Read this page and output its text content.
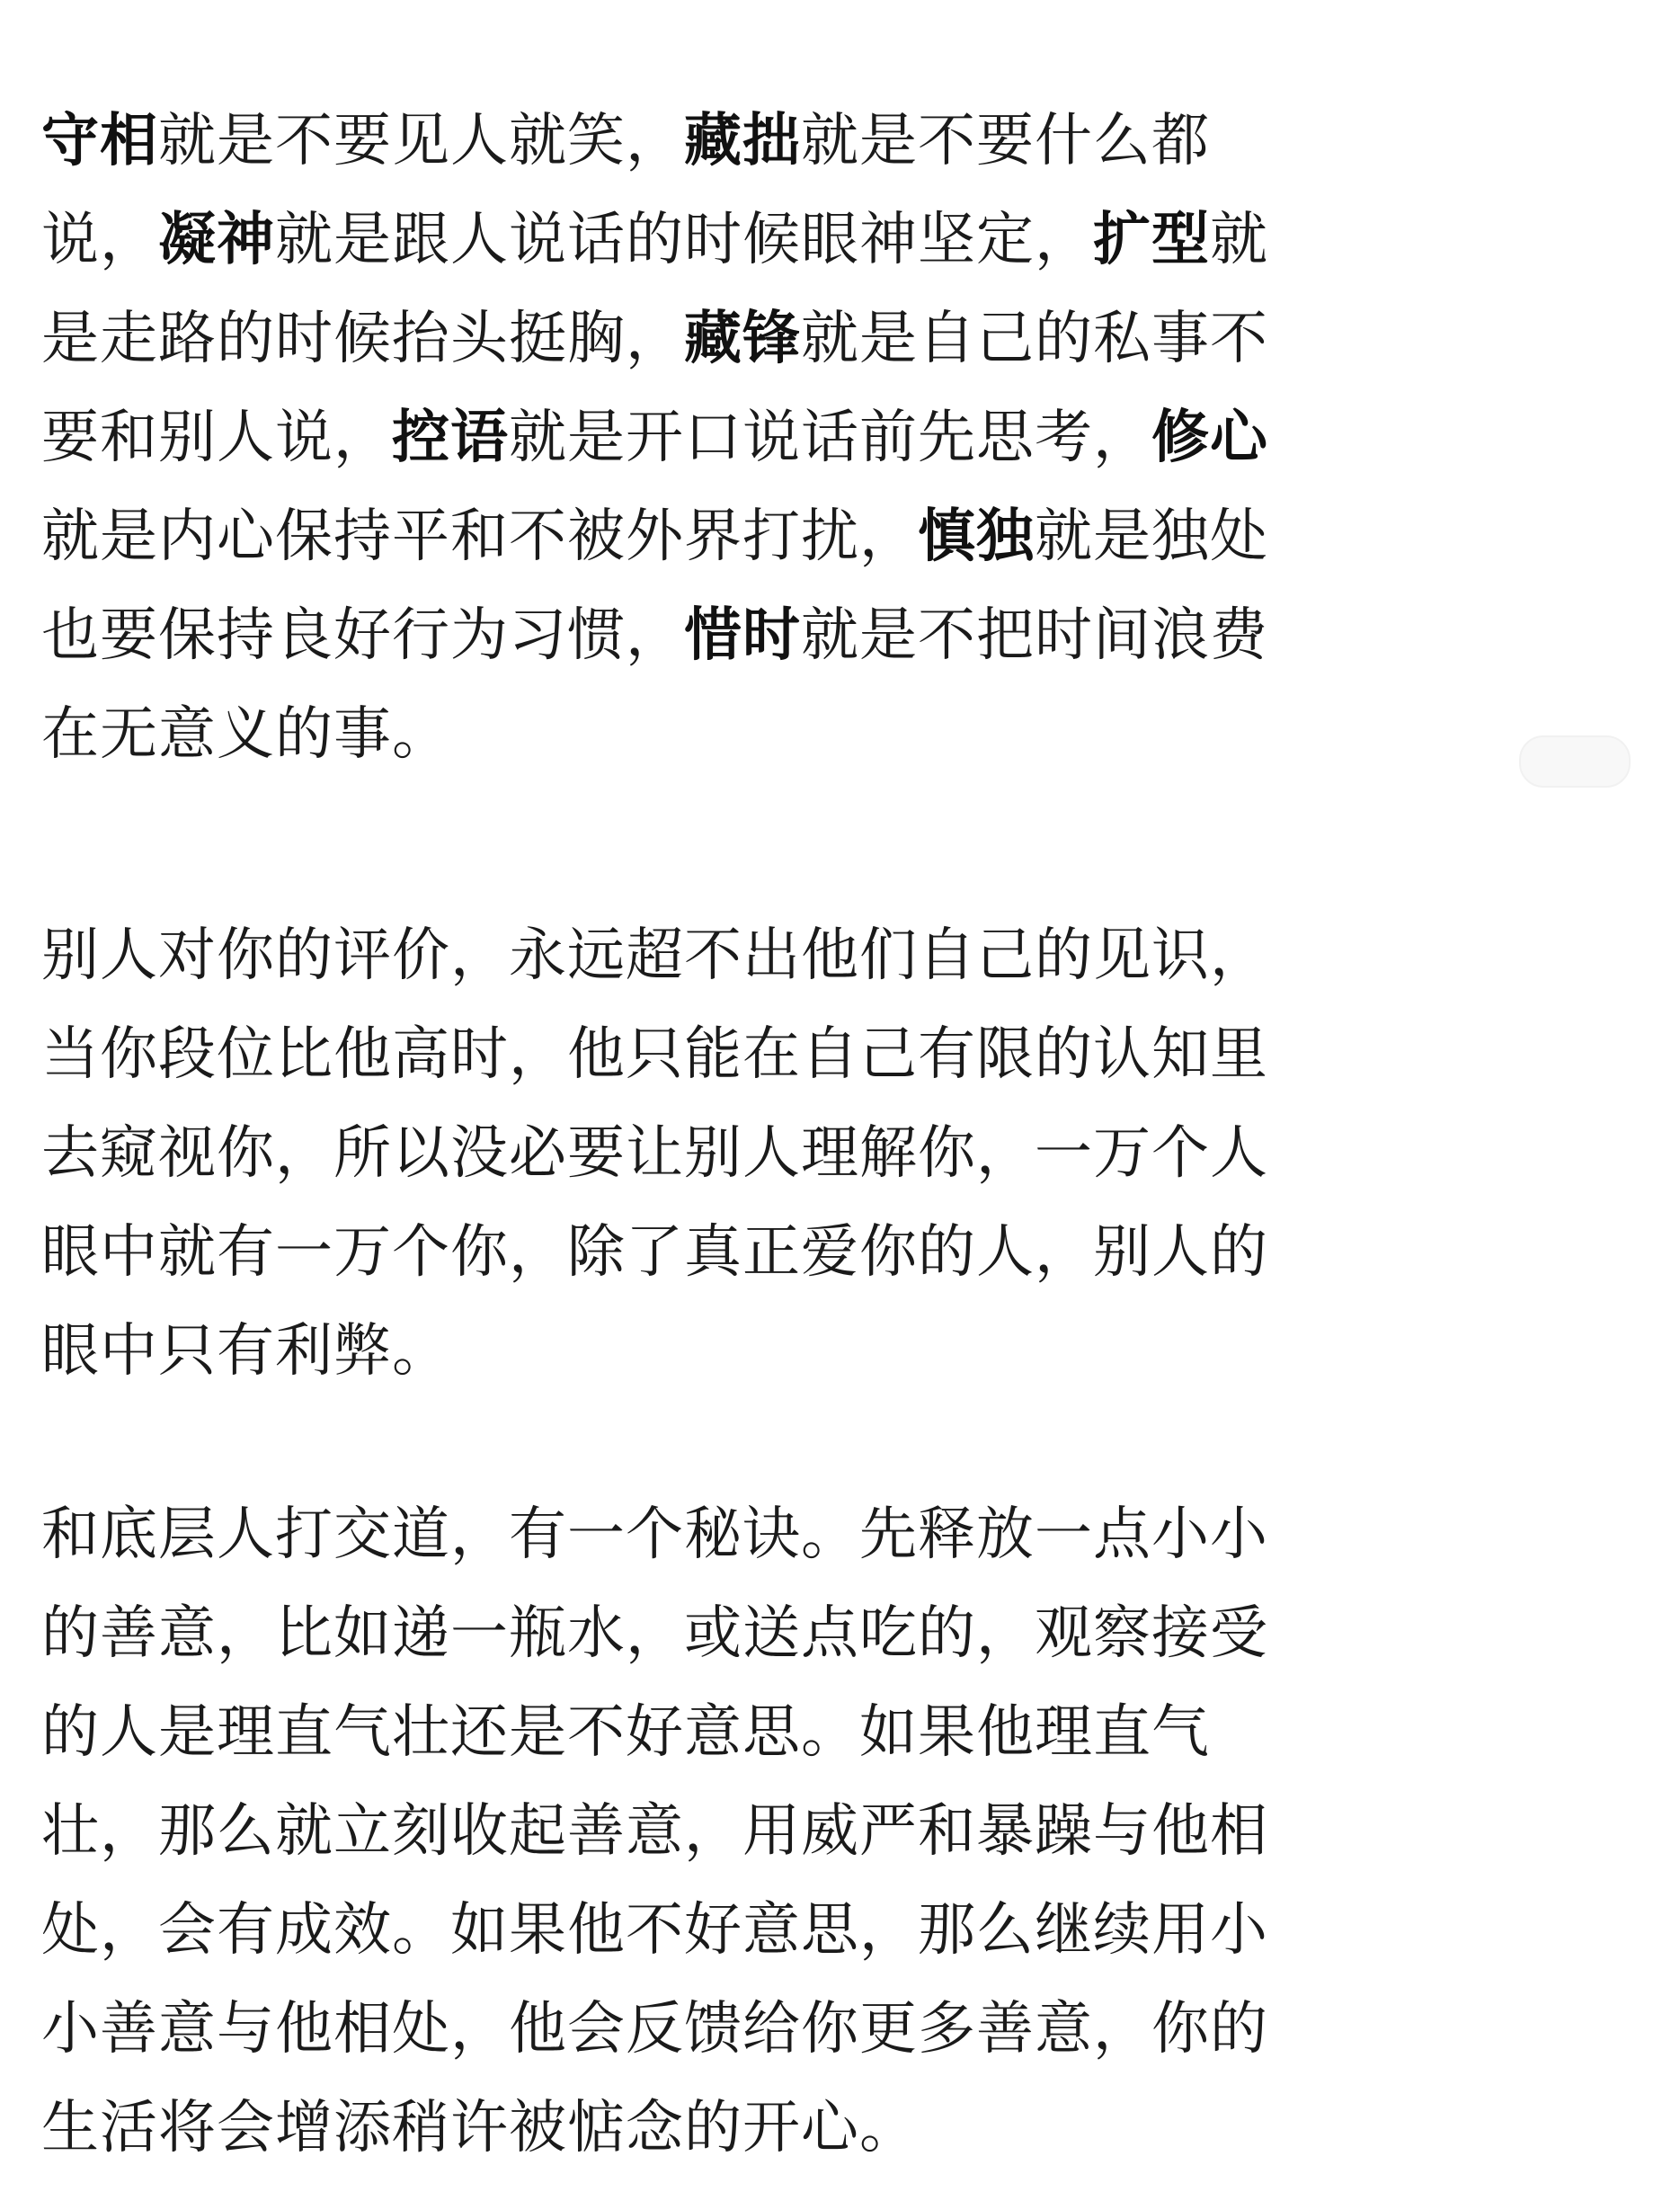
守相就是不要见人就笑，藏拙就是不要什么都
说，凝神就是跟人说话的时候眼神坚定，扩型就
是走路的时候抬头挺胸，藏锋就是自己的私事不
要和别人说，控语就是开口说话前先思考，修心
就是内心保持平和不被外界打扰，慎独就是独处
也要保持良好行为习惯，惜时就是不把时间浪费
在无意义的事。
别人对你的评价，永远超不出他们自己的见识，
当你段位比他高时，他只能在自己有限的认知里
去窥视你，所以没必要让别人理解你，一万个人
眼中就有一万个你，除了真正爱你的人，别人的
眼中只有利弊。
和底层人打交道，有一个秘诀。先释放一点小小
的善意，比如递一瓶水，或送点吃的，观察接受
的人是理直气壮还是不好意思。如果他理直气
壮，那么就立刻收起善意，用威严和暴躁与他相
处，会有成效。如果他不好意思，那么继续用小
小善意与他相处，他会反馈给你更多善意，你的
生活将会增添稍许被惦念的开心。
